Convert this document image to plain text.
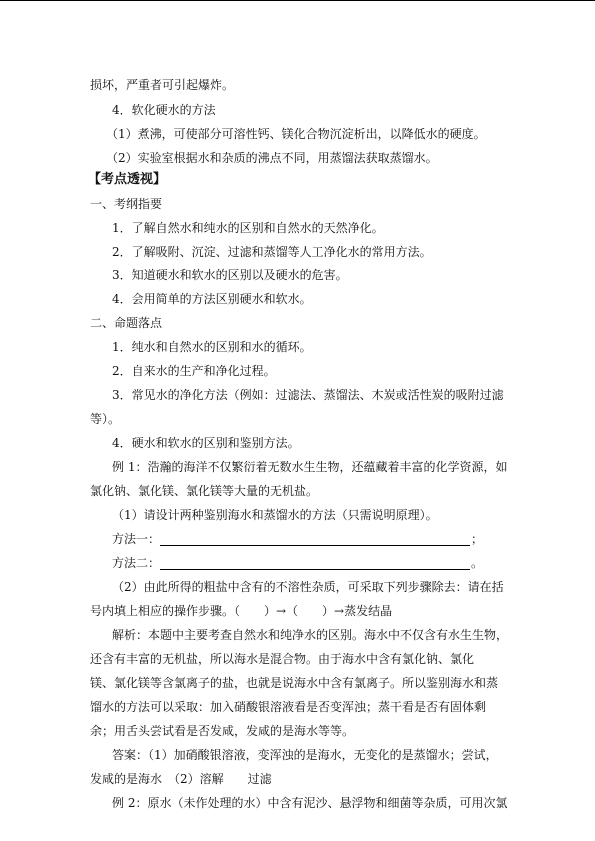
损坏，严重者可引起爆炸。
4．软化硬水的方法
（1）煮沸，可使部分可溶性钙、镁化合物沉淀析出，以降低水的硬度。
（2）实验室根据水和杂质的沸点不同，用蒸馏法获取蒸馏水。
【考点透视】
一、考纲指要
1．了解自然水和纯水的区别和自然水的天然净化。
2．了解吸附、沉淀、过滤和蒸馏等人工净化水的常用方法。
3．知道硬水和软水的区别以及硬水的危害。
4．会用简单的方法区别硬水和软水。
二、命题落点
1．纯水和自然水的区别和水的循环。
2．自来水的生产和净化过程。
3．常见水的净化方法（例如：过滤法、蒸馏法、木炭或活性炭的吸附过滤
等）。
4．硬水和软水的区别和鉴别方法。
例 1：浩瀚的海洋不仅繁衍着无数水生生物，还蕴藏着丰富的化学资源，如
氯化钠、氯化镁、氯化镁等大量的无机盐。
（1）请设计两种鉴别海水和蒸馏水的方法（只需说明原理）。
方法一：	；
方法二：	。
（2）由此所得的粗盐中含有的不溶性杂质，可采取下列步骤除去：请在括
号内填上相应的操作步骤。（　　）→（　　）→蒸发结晶
解析：本题中主要考查自然水和纯净水的区别。海水中不仅含有水生生物，
还含有丰富的无机盐，所以海水是混合物。由于海水中含有氯化钠、氯化
镁、氯化镁等含氯离子的盐，也就是说海水中含有氯离子。所以鉴别海水和蒸
馏水的方法可以采取：加入硝酸银溶液看是否变浑浊；蒸干看是否有固体剩
余；用舌头尝试看是否发咸，发咸的是海水等等。
答案：（1）加硝酸银溶液，变浑浊的是海水，无变化的是蒸馏水；尝试，
发咸的是海水　（2）溶解　　过滤
例 2：原水（未作处理的水）中含有泥沙、悬浮物和细菌等杂质，可用次氯
